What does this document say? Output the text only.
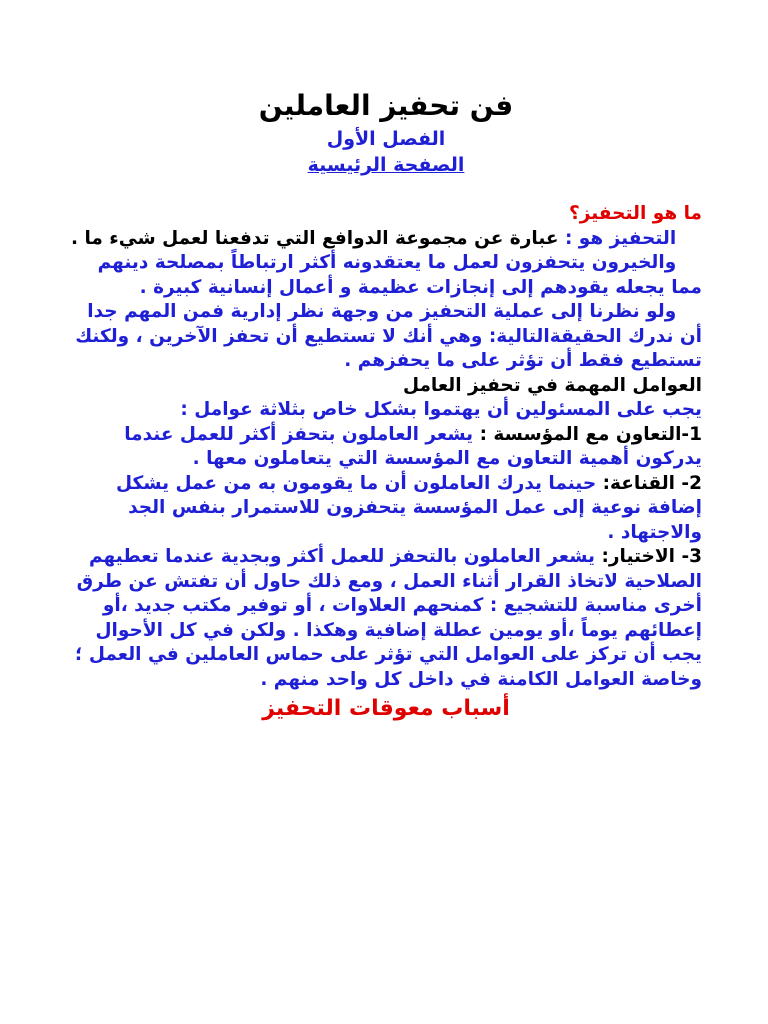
فن تحفيز العاملين

الفصل الأول

الصفحة الرئيسية

ما هو التحفيز؟

التحفيز هو : عبارة عن مجموعة الدوافع التي تدفعنا لعمل شيء ما .

والخيرون يتحفزون لعمل ما يعتقدونه أكثر ارتباطاً بمصلحة دينهم مما يجعله يقودهم إلى إنجازات عظيمة و أعمال إنسانية كبيرة .

ولو نظرنا إلى عملية التحفيز من وجهة نظر إدارية فمن المهم جدا أن ندرك الحقيقةالتالية: وهي أنك لا تستطيع أن تحفز الآخرين ، ولكنك تستطيع فقط أن تؤثر على ما يحفزهم .

العوامل المهمة في تحفيز العامل

يجب على المسئولين أن يهتموا بشكل خاص بثلاثة عوامل :

1-التعاون مع المؤسسة : يشعر العاملون بتحفز أكثر للعمل عندما يدركون أهمية التعاون مع المؤسسة التي يتعاملون معها .

2- القناعة: حينما يدرك العاملون أن ما يقومون به من عمل يشكل إضافة نوعية إلى عمل المؤسسة يتحفزون للاستمرار بنفس الجد والاجتهاد .

3- الاختيار: يشعر العاملون بالتحفز للعمل أكثر وبجدية عندما تعطيهم الصلاحية لاتخاذ القرار أثناء العمل ، ومع ذلك حاول أن تفتش عن طرق أخرى مناسبة للتشجيع : كمنحهم العلاوات ، أو توفير مكتب جديد ،أو إعطائهم يوماً ،أو يومين عطلة إضافية وهكذا . ولكن في كل الأحوال يجب أن تركز على العوامل التي تؤثر على حماس العاملين في العمل ؛ وخاصة العوامل الكامنة في داخل كل واحد منهم .

أسباب معوقات التحفيز
